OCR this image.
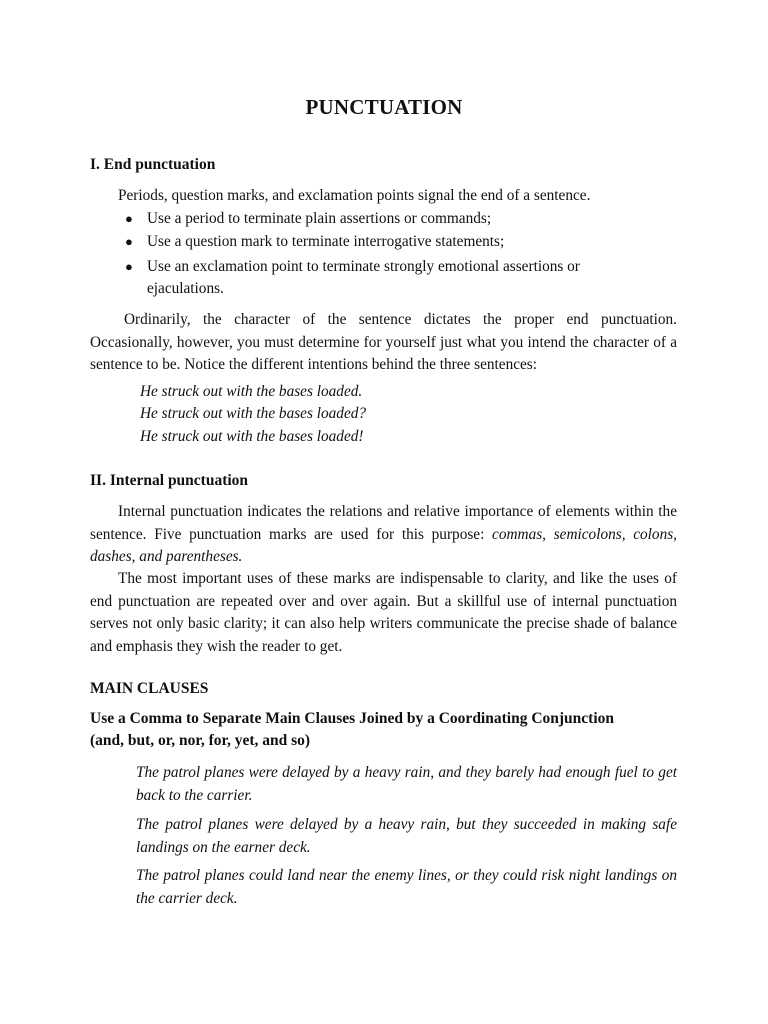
PUNCTUATION
I. End punctuation
Periods, question marks, and exclamation points signal the end of a sentence.
● Use a period to terminate plain assertions or commands;
● Use a question mark to terminate interrogative statements;
● Use an exclamation point to terminate strongly emotional assertions or
ejaculations.
Ordinarily, the character of the sentence dictates the proper end punctuation. Occasionally, however, you must determine for yourself just what you intend the character of a sentence to be. Notice the different intentions behind the three sentences:
He struck out with the bases loaded.
He struck out with the bases loaded?
He struck out with the bases loaded!
II. Internal punctuation
Internal punctuation indicates the relations and relative importance of elements within the sentence. Five punctuation marks are used for this purpose: commas, semicolons, colons, dashes, and parentheses.
The most important uses of these marks are indispensable to clarity, and like the uses of end punctuation are repeated over and over again. But a skillful use of internal punctuation serves not only basic clarity; it can also help writers communicate the precise shade of balance and emphasis they wish the reader to get.
MAIN CLAUSES
Use a Comma to Separate Main Clauses Joined by a Coordinating Conjunction
(and, but, or, nor, for, yet, and so)
The patrol planes were delayed by a heavy rain, and they barely had enough fuel to get back to the carrier.
The patrol planes were delayed by a heavy rain, but they succeeded in making safe landings on the earner deck.
The patrol planes could land near the enemy lines, or they could risk night landings on the carrier deck.
